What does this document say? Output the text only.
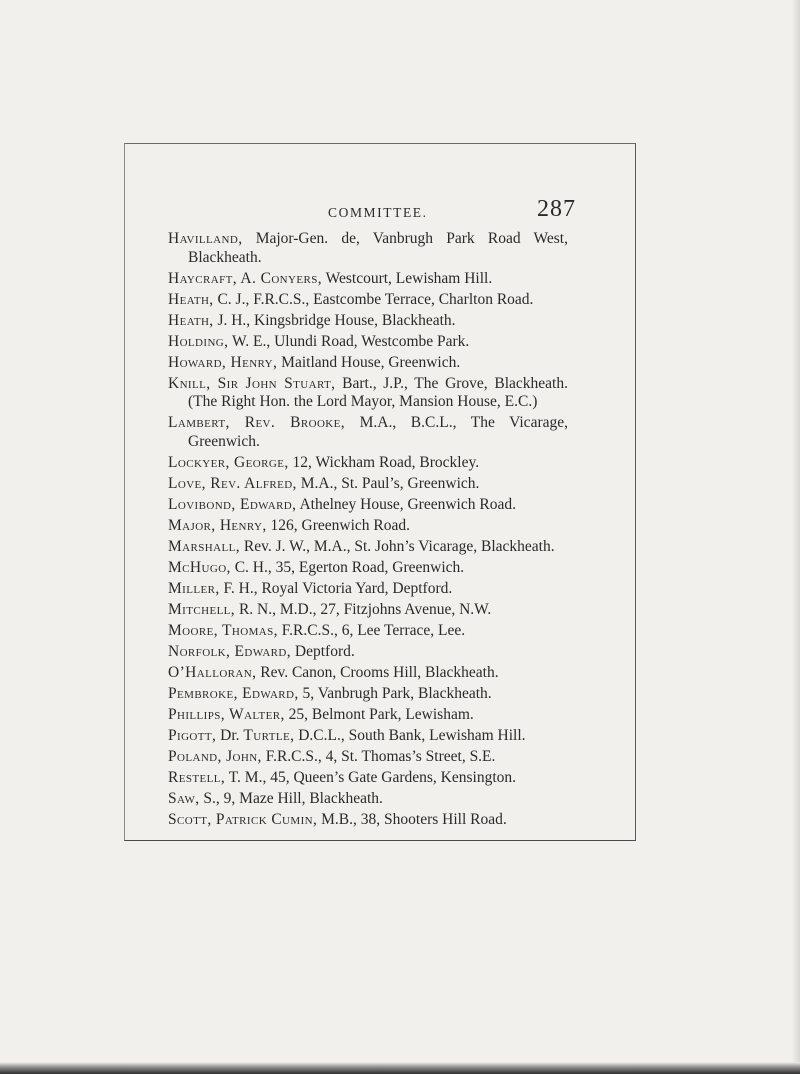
COMMITTEE.	287
Havilland, Major-Gen. de, Vanbrugh Park Road West, Blackheath.
Haycraft, A. Conyers, Westcourt, Lewisham Hill.
Heath, C. J., F.R.C.S., Eastcombe Terrace, Charlton Road.
Heath, J. H., Kingsbridge House, Blackheath.
Holding, W. E., Ulundi Road, Westcombe Park.
Howard, Henry, Maitland House, Greenwich.
Knill, Sir John Stuart, Bart., J.P., The Grove, Blackheath. (The Right Hon. the Lord Mayor, Mansion House, E.C.)
Lambert, Rev. Brooke, M.A., B.C.L., The Vicarage, Greenwich.
Lockyer, George, 12, Wickham Road, Brockley.
Love, Rev. Alfred, M.A., St. Paul’s, Greenwich.
Lovibond, Edward, Athelney House, Greenwich Road.
Major, Henry, 126, Greenwich Road.
Marshall, Rev. J. W., M.A., St. John’s Vicarage, Blackheath.
McHugo, C. H., 35, Egerton Road, Greenwich.
Miller, F. H., Royal Victoria Yard, Deptford.
Mitchell, R. N., M.D., 27, Fitzjohns Avenue, N.W.
Moore, Thomas, F.R.C.S., 6, Lee Terrace, Lee.
Norfolk, Edward, Deptford.
O’Halloran, Rev. Canon, Crooms Hill, Blackheath.
Pembroke, Edward, 5, Vanbrugh Park, Blackheath.
Phillips, Walter, 25, Belmont Park, Lewisham.
Pigott, Dr. Turtle, D.C.L., South Bank, Lewisham Hill.
Poland, John, F.R.C.S., 4, St. Thomas’s Street, S.E.
Restell, T. M., 45, Queen’s Gate Gardens, Kensington.
Saw, S., 9, Maze Hill, Blackheath.
Scott, Patrick Cumin, M.B., 38, Shooters Hill Road.
